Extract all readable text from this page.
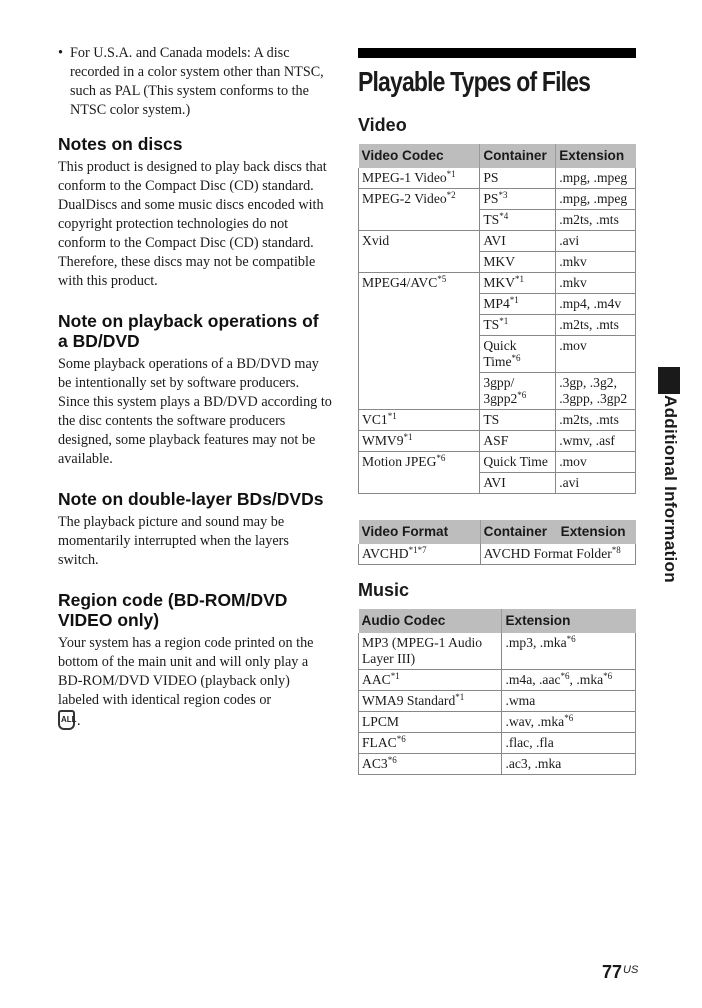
• For U.S.A. and Canada models: A disc recorded in a color system other than NTSC, such as PAL (This system conforms to the NTSC color system.)

Notes on discs

This product is designed to play back discs that conform to the Compact Disc (CD) standard.

DualDiscs and some music discs encoded with copyright protection technologies do not conform to the Compact Disc (CD) standard. Therefore, these discs may not be compatible with this product.

Note on playback operations of a BD/DVD

Some playback operations of a BD/DVD may be intentionally set by software producers. Since this system plays a BD/DVD according to the disc contents the software producers designed, some playback features may not be available.

Note on double-layer BDs/DVDs

The playback picture and sound may be momentarily interrupted when the layers switch.

Region code (BD-ROM/DVD VIDEO only)

Your system has a region code printed on the bottom of the main unit and will only play a BD-ROM/DVD VIDEO (playback only) labeled with identical region codes or

ALL .

Playable Types of Files
Video
Video Codec	Container	Extension
MPEG-1 Video$^{*1}$	PS	.mpg, .mpeg
MPEG-2 Video$^{*2}$	PS$^{*3}$	.mpg, .mpeg
	TS$^{*4}$	.m2ts, .mts
Xvid	AVI	.avi
	MKV	.mkv
MPEG4/AVC$^{*5}$	MKV$^{*1}$	.mkv
	MP4$^{*1}$	.mp4, .m4v
	TS$^{*1}$	.m2ts, .mts
	Quick Time$^{*6}$	.mov
	3gpp/ 3gpp2$^{*6}$	.3gp, .3g2, .3gpp, .3gp2
VC1$^{*1}$	TS	.m2ts, .mts
WMV9$^{*1}$	ASF	.wmv, .asf
Motion JPEG$^{*6}$	Quick Time	.mov
	AVI	.avi
Video Format	Container Extension
$AVCHD^{*1*7}$	AVCHD Format Folder$^{*8}$
Music
Audio Codec	Extension
MP3 (MPEG-1 Audio Layer III)	.mp3, .mka$^{*6}$
AAC$^{*1}$	.m4a, .aac$^{*6}$, .mka$^{*6}$
WMA9 Standard$^{*1}$	.wma
LPCM	.wav, .mka$^{*6}$
FLAC$^{*6}$	.flac, .fla
AC3$^{*6}$	.ac3, .mka
Additional Information
$77^{US}$
